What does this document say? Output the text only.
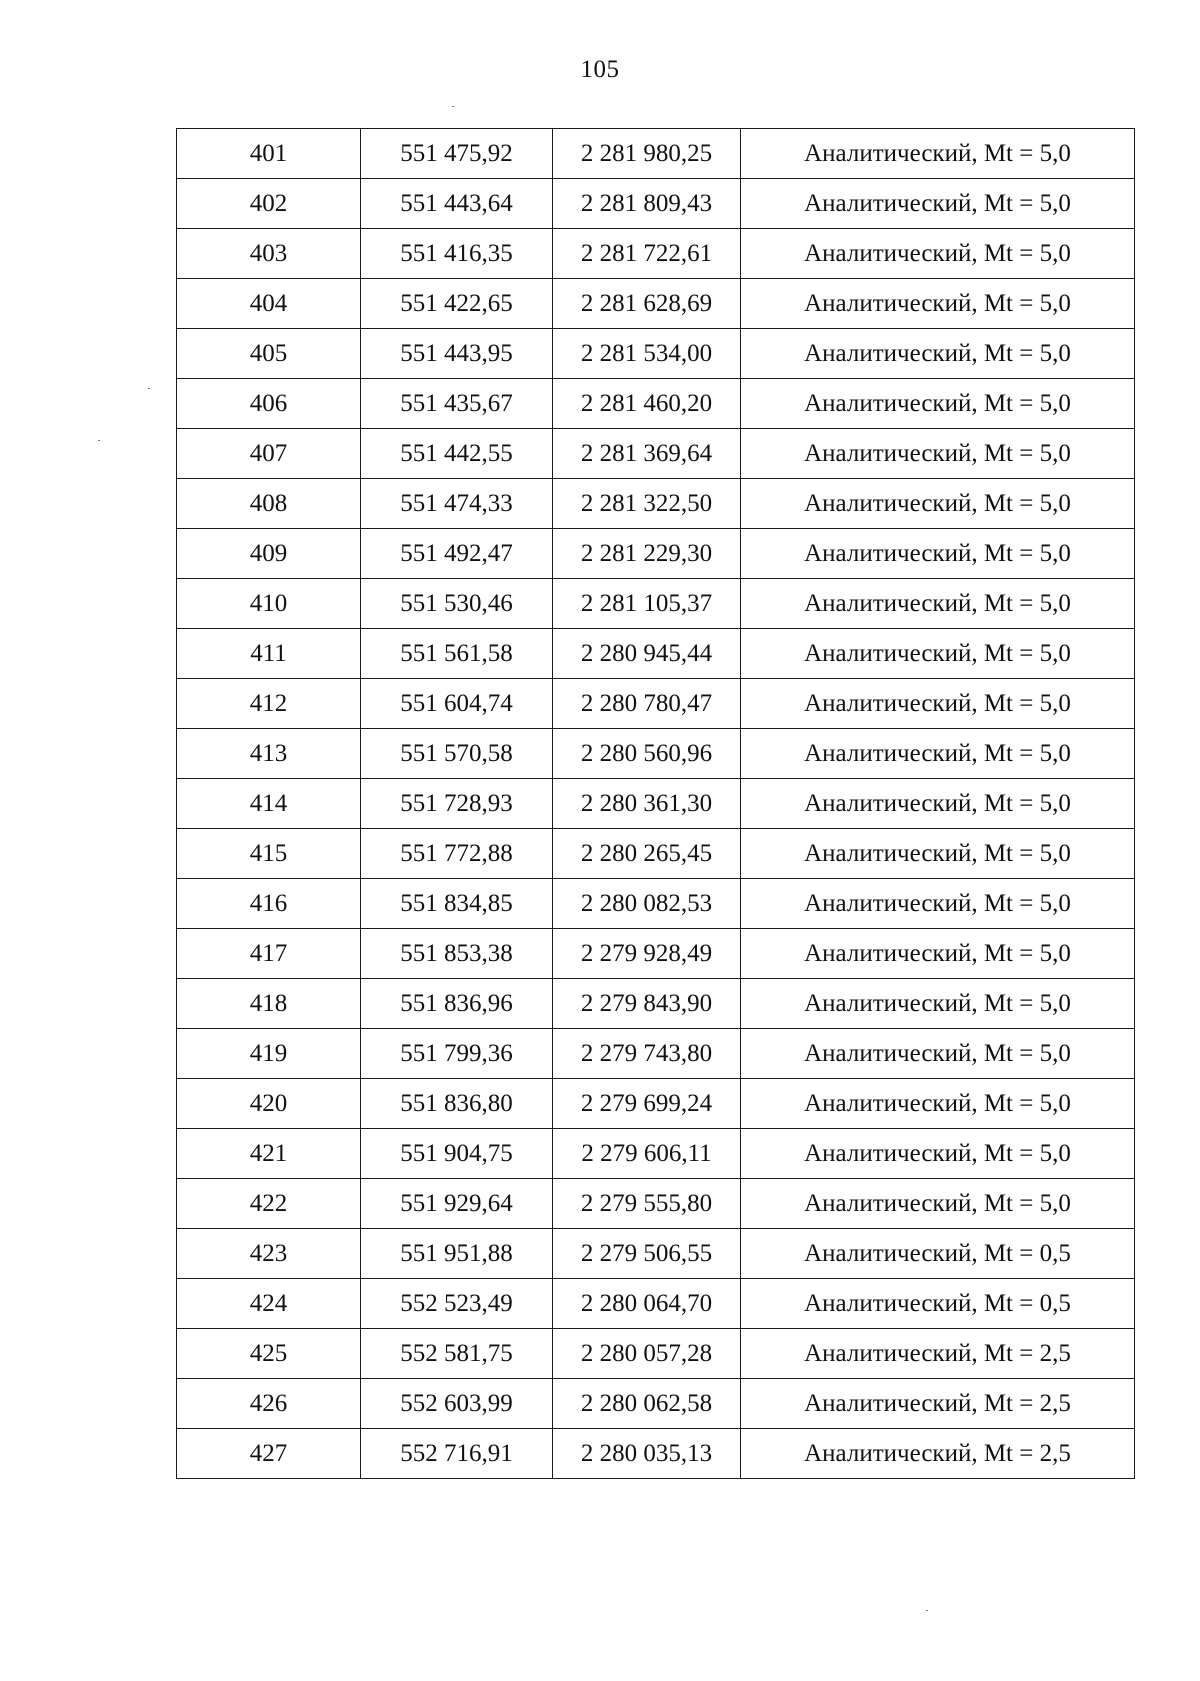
105
401	551 475,92	2 281 980,25	Аналитический, Mt = 5,0
402	551 443,64	2 281 809,43	Аналитический, Mt = 5,0
403	551 416,35	2 281 722,61	Аналитический, Mt = 5,0
404	551 422,65	2 281 628,69	Аналитический, Mt = 5,0
405	551 443,95	2 281 534,00	Аналитический, Mt = 5,0
406	551 435,67	2 281 460,20	Аналитический, Mt = 5,0
407	551 442,55	2 281 369,64	Аналитический, Mt = 5,0
408	551 474,33	2 281 322,50	Аналитический, Mt = 5,0
409	551 492,47	2 281 229,30	Аналитический, Mt = 5,0
410	551 530,46	2 281 105,37	Аналитический, Mt = 5,0
411	551 561,58	2 280 945,44	Аналитический, Mt = 5,0
412	551 604,74	2 280 780,47	Аналитический, Mt = 5,0
413	551 570,58	2 280 560,96	Аналитический, Mt = 5,0
414	551 728,93	2 280 361,30	Аналитический, Mt = 5,0
415	551 772,88	2 280 265,45	Аналитический, Mt = 5,0
416	551 834,85	2 280 082,53	Аналитический, Mt = 5,0
417	551 853,38	2 279 928,49	Аналитический, Mt = 5,0
418	551 836,96	2 279 843,90	Аналитический, Mt = 5,0
419	551 799,36	2 279 743,80	Аналитический, Mt = 5,0
420	551 836,80	2 279 699,24	Аналитический, Mt = 5,0
421	551 904,75	2 279 606,11	Аналитический, Mt = 5,0
422	551 929,64	2 279 555,80	Аналитический, Mt = 5,0
423	551 951,88	2 279 506,55	Аналитический, Mt = 0,5
424	552 523,49	2 280 064,70	Аналитический, Mt = 0,5
425	552 581,75	2 280 057,28	Аналитический, Mt = 2,5
426	552 603,99	2 280 062,58	Аналитический, Mt = 2,5
427	552 716,91	2 280 035,13	Аналитический, Mt = 2,5
